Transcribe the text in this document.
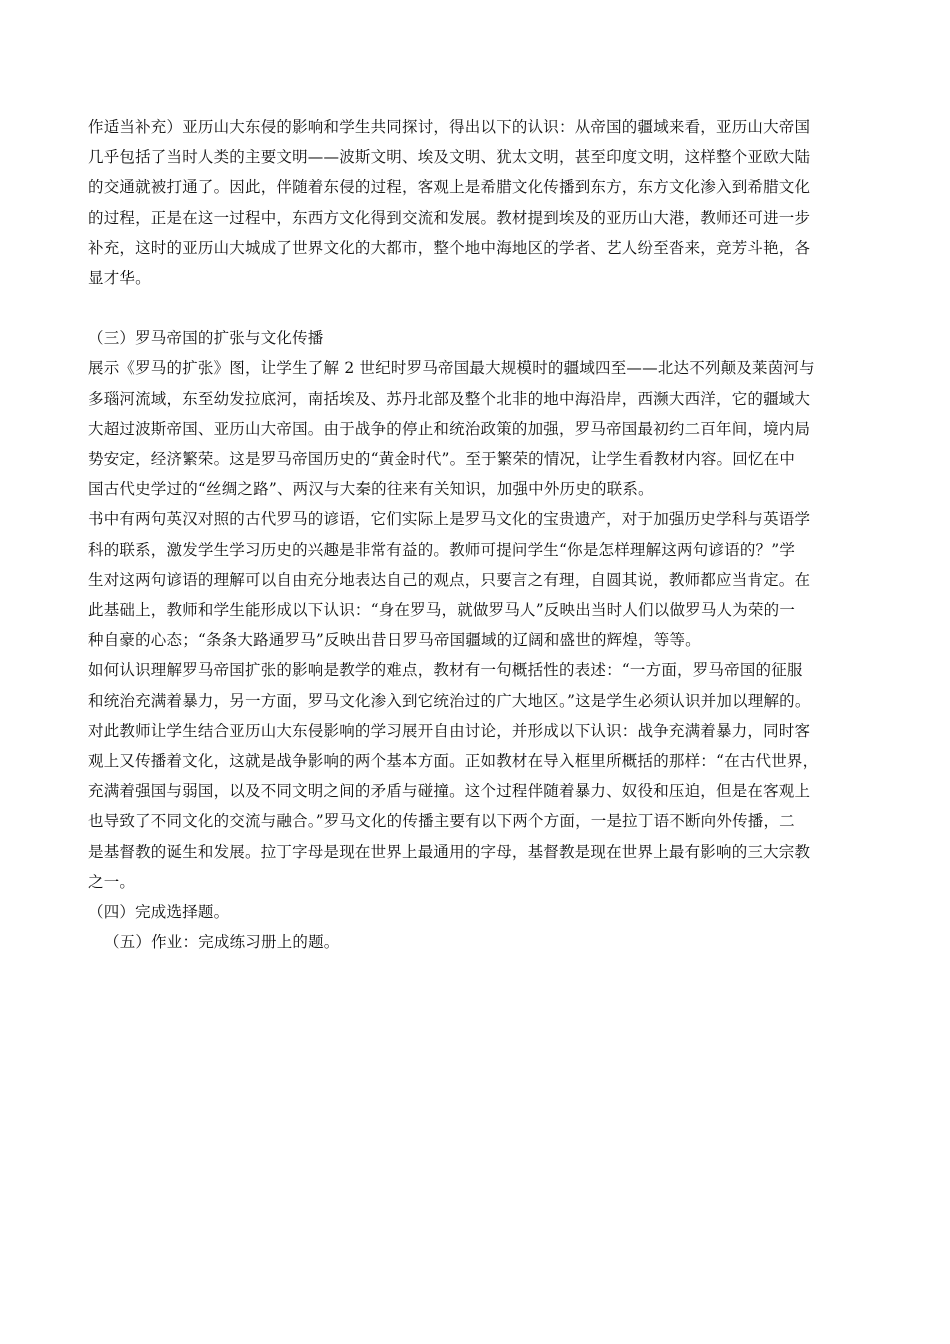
作适当补充）亚历山大东侵的影响和学生共同探讨，得出以下的认识：从帝国的疆域来看，亚历山大帝国
几乎包括了当时人类的主要文明——波斯文明、埃及文明、犹太文明，甚至印度文明，这样整个亚欧大陆
的交通就被打通了。因此，伴随着东侵的过程，客观上是希腊文化传播到东方，东方文化渗入到希腊文化
的过程，正是在这一过程中，东西方文化得到交流和发展。教材提到埃及的亚历山大港，教师还可进一步
补充，这时的亚历山大城成了世界文化的大都市，整个地中海地区的学者、艺人纷至沓来，竞芳斗艳，各
显才华。
（三）罗马帝国的扩张与文化传播
展示《罗马的扩张》图，让学生了解 2 世纪时罗马帝国最大规模时的疆域四至——北达不列颠及莱茵河与
多瑙河流域，东至幼发拉底河，南括埃及、苏丹北部及整个北非的地中海沿岸，西濒大西洋，它的疆域大
大超过波斯帝国、亚历山大帝国。由于战争的停止和统治政策的加强，罗马帝国最初约二百年间，境内局
势安定，经济繁荣。这是罗马帝国历史的“黄金时代”。至于繁荣的情况，让学生看教材内容。回忆在中
国古代史学过的“丝绸之路”、两汉与大秦的往来有关知识，加强中外历史的联系。
书中有两句英汉对照的古代罗马的谚语，它们实际上是罗马文化的宝贵遗产，对于加强历史学科与英语学
科的联系，激发学生学习历史的兴趣是非常有益的。教师可提问学生“你是怎样理解这两句谚语的？”学
生对这两句谚语的理解可以自由充分地表达自己的观点，只要言之有理，自圆其说，教师都应当肯定。在
此基础上，教师和学生能形成以下认识：“身在罗马，就做罗马人”反映出当时人们以做罗马人为荣的一
种自豪的心态；“条条大路通罗马”反映出昔日罗马帝国疆域的辽阔和盛世的辉煌，等等。
如何认识理解罗马帝国扩张的影响是教学的难点，教材有一句概括性的表述：“一方面，罗马帝国的征服
和统治充满着暴力，另一方面，罗马文化渗入到它统治过的广大地区。”这是学生必须认识并加以理解的。
对此教师让学生结合亚历山大东侵影响的学习展开自由讨论，并形成以下认识：战争充满着暴力，同时客
观上又传播着文化，这就是战争影响的两个基本方面。正如教材在导入框里所概括的那样：“在古代世界，
充满着强国与弱国，以及不同文明之间的矛盾与碰撞。这个过程伴随着暴力、奴役和压迫，但是在客观上
也导致了不同文化的交流与融合。”罗马文化的传播主要有以下两个方面，一是拉丁语不断向外传播，二
是基督教的诞生和发展。拉丁字母是现在世界上最通用的字母，基督教是现在世界上最有影响的三大宗教
之一。
（四）完成选择题。
（五）作业：完成练习册上的题。
